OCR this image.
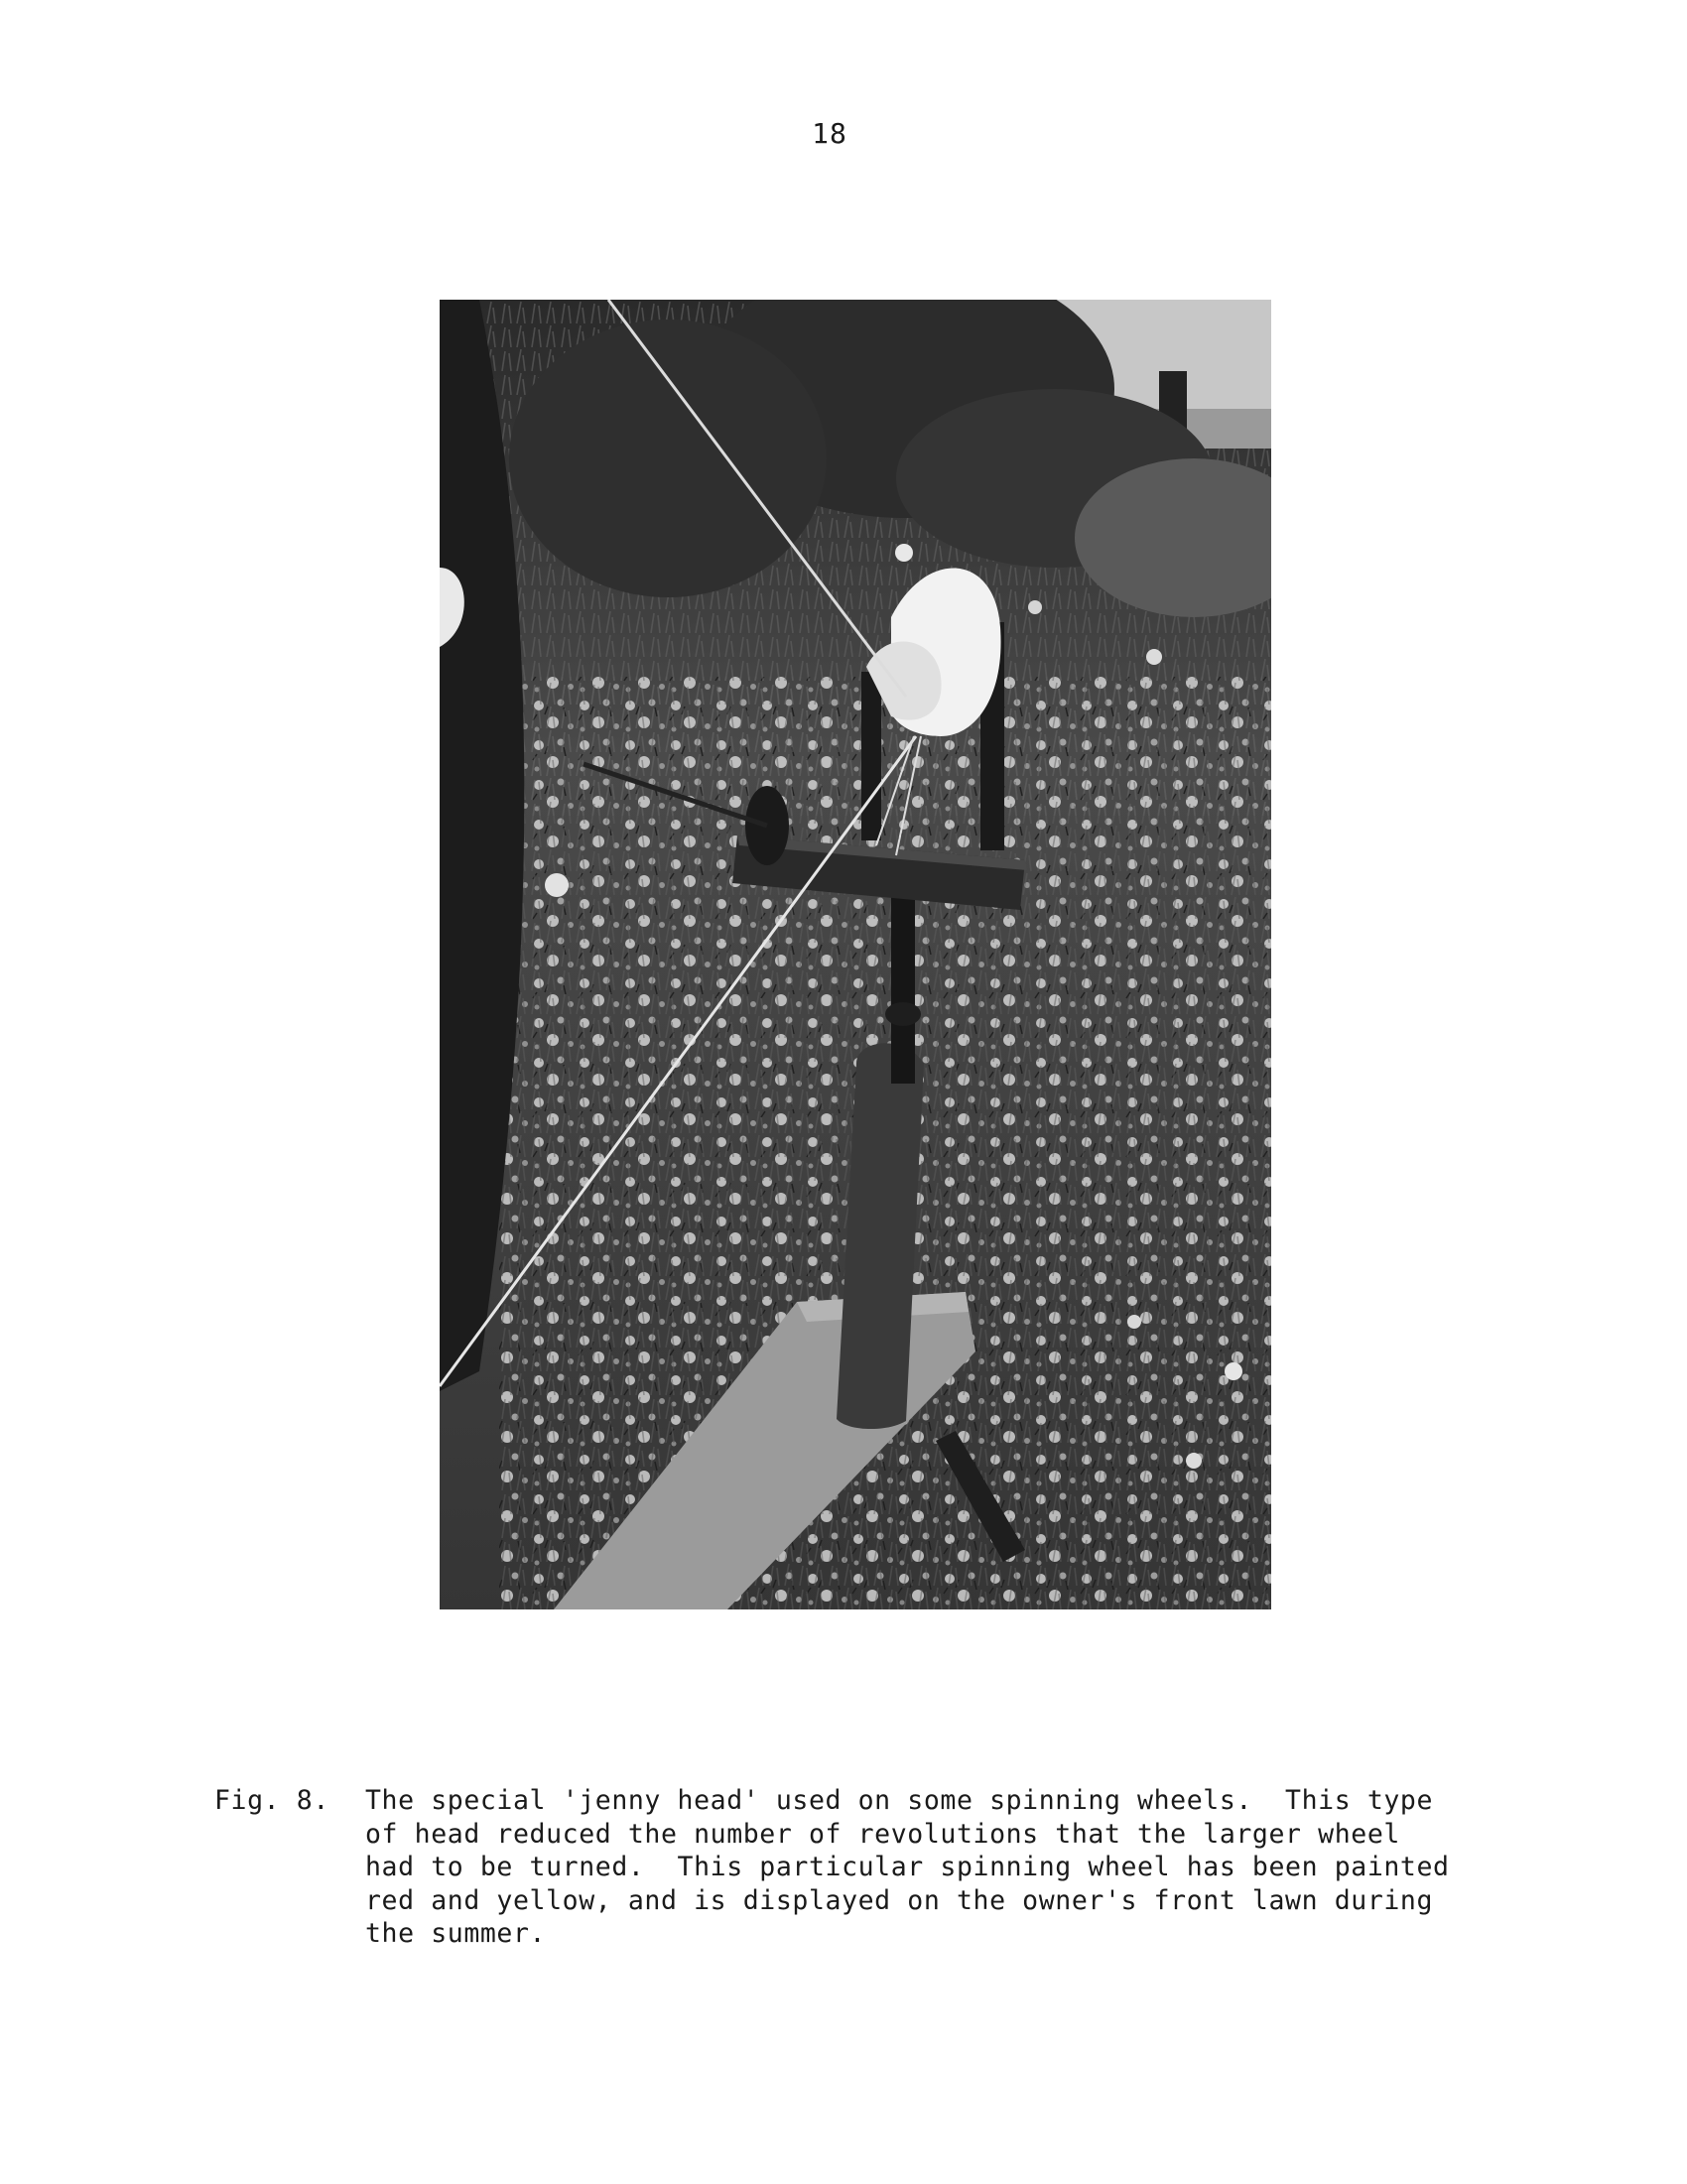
18
Fig. 8. The special 'jenny head' used on some spinning wheels.  This type
of head reduced the number of revolutions that the larger wheel
had to be turned.  This particular spinning wheel has been painted
red and yellow, and is displayed on the owner's front lawn during
the summer.
